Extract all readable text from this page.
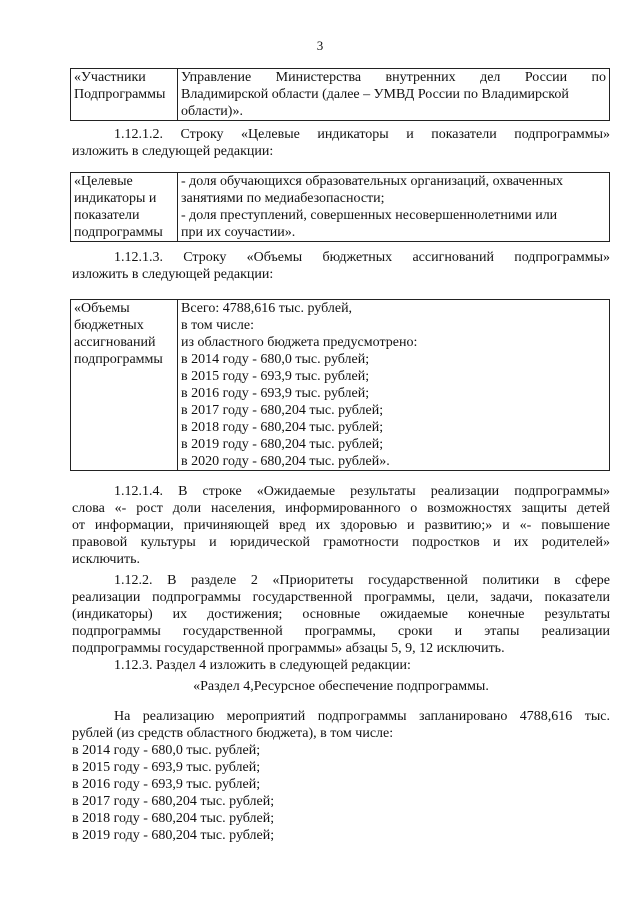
3
«Участники
Подпрограммы

Управление Министерства внутренних дел России по
Владимирской области (далее – УМВД России по Владимирской
области)».
1.12.1.2. Строку «Целевые индикаторы и показатели подпрограммы»
изложить в следующей редакции:
«Целевые
индикаторы и
показатели
подпрограммы

- доля обучающихся образовательных организаций, охваченных
занятиями по медиабезопасности;
- доля преступлений, совершенных несовершеннолетними или
при их соучастии».
1.12.1.3. Строку «Объемы бюджетных ассигнований подпрограммы»
изложить в следующей редакции:
«Объемы
бюджетных
ассигнований
подпрограммы

Всего: 4788,616 тыс. рублей,
в том числе:
из областного бюджета предусмотрено:
в 2014 году - 680,0 тыс. рублей;
в 2015 году - 693,9 тыс. рублей;
в 2016 году - 693,9 тыс. рублей;
в 2017 году - 680,204 тыс. рублей;
в 2018 году - 680,204 тыс. рублей;
в 2019 году - 680,204 тыс. рублей;
в 2020 году - 680,204 тыс. рублей».
1.12.1.4. В строке «Ожидаемые результаты реализации подпрограммы»
слова «- рост доли населения, информированного о возможностях защиты детей
от информации, причиняющей вред их здоровью и развитию;» и «- повышение
правовой культуры и юридической грамотности подростков и их родителей»
исключить.
1.12.2. В разделе 2 «Приоритеты государственной политики в сфере
реализации подпрограммы государственной программы, цели, задачи, показатели
(индикаторы) их достижения; основные ожидаемые конечные результаты
подпрограммы государственной программы, сроки и этапы реализации
подпрограммы государственной программы» абзацы 5, 9, 12 исключить.
1.12.3. Раздел 4 изложить в следующей редакции:
«Раздел 4,Ресурсное обеспечение подпрограммы.
На реализацию мероприятий подпрограммы запланировано 4788,616 тыс.
рублей (из средств областного бюджета), в том числе:
в 2014 году - 680,0 тыс. рублей;
в 2015 году - 693,9 тыс. рублей;
в 2016 году - 693,9 тыс. рублей;
в 2017 году - 680,204 тыс. рублей;
в 2018 году - 680,204 тыс. рублей;
в 2019 году - 680,204 тыс. рублей;
